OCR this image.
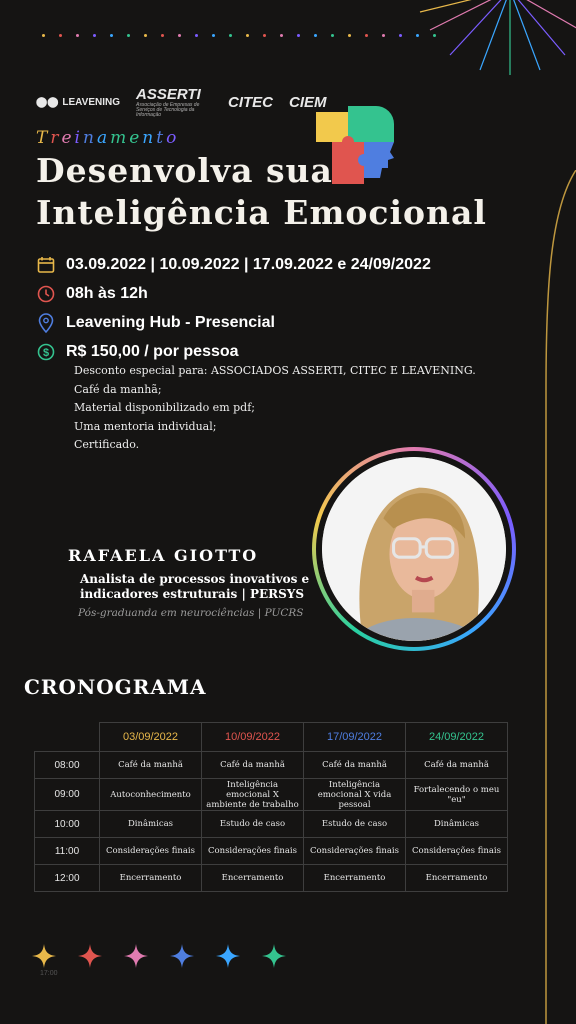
⬤⬤ LEAVENING ASSERTI
Associação de Empresas de Serviços de Tecnologia da Informação
CITEC CIEM
Treinamento
Desenvolva sua
Inteligência Emocional
03.09.2022 | 10.09.2022 | 17.09.2022 e 24/09/2022
08h às 12h
Leavening Hub - Presencial
$ R$ 150,00 / por pessoa
Desconto especial para: ASSOCIADOS ASSERTI, CITEC E LEAVENING.
Café da manhã;
Material disponibilizado em pdf;
Uma mentoria individual;
Certificado.
RAFAELA GIOTTO
Analista de processos inovativos e indicadores estruturais | PERSYS
Pós-graduanda em neurociências | PUCRS
CRONOGRAMA
	03/09/2022	10/09/2022	17/09/2022	24/09/2022
08:00	Café da manhã	Café da manhã	Café da manhã	Café da manhã
09:00	Autoconhecimento	Inteligência emocional X ambiente de trabalho	Inteligência emocional X vida pessoal	Fortalecendo o meu "eu"
10:00	Dinâmicas	Estudo de caso	Estudo de caso	Dinâmicas
11:00	Considerações finais	Considerações finais	Considerações finais	Considerações finais
12:00	Encerramento	Encerramento	Encerramento	Encerramento
17:00
